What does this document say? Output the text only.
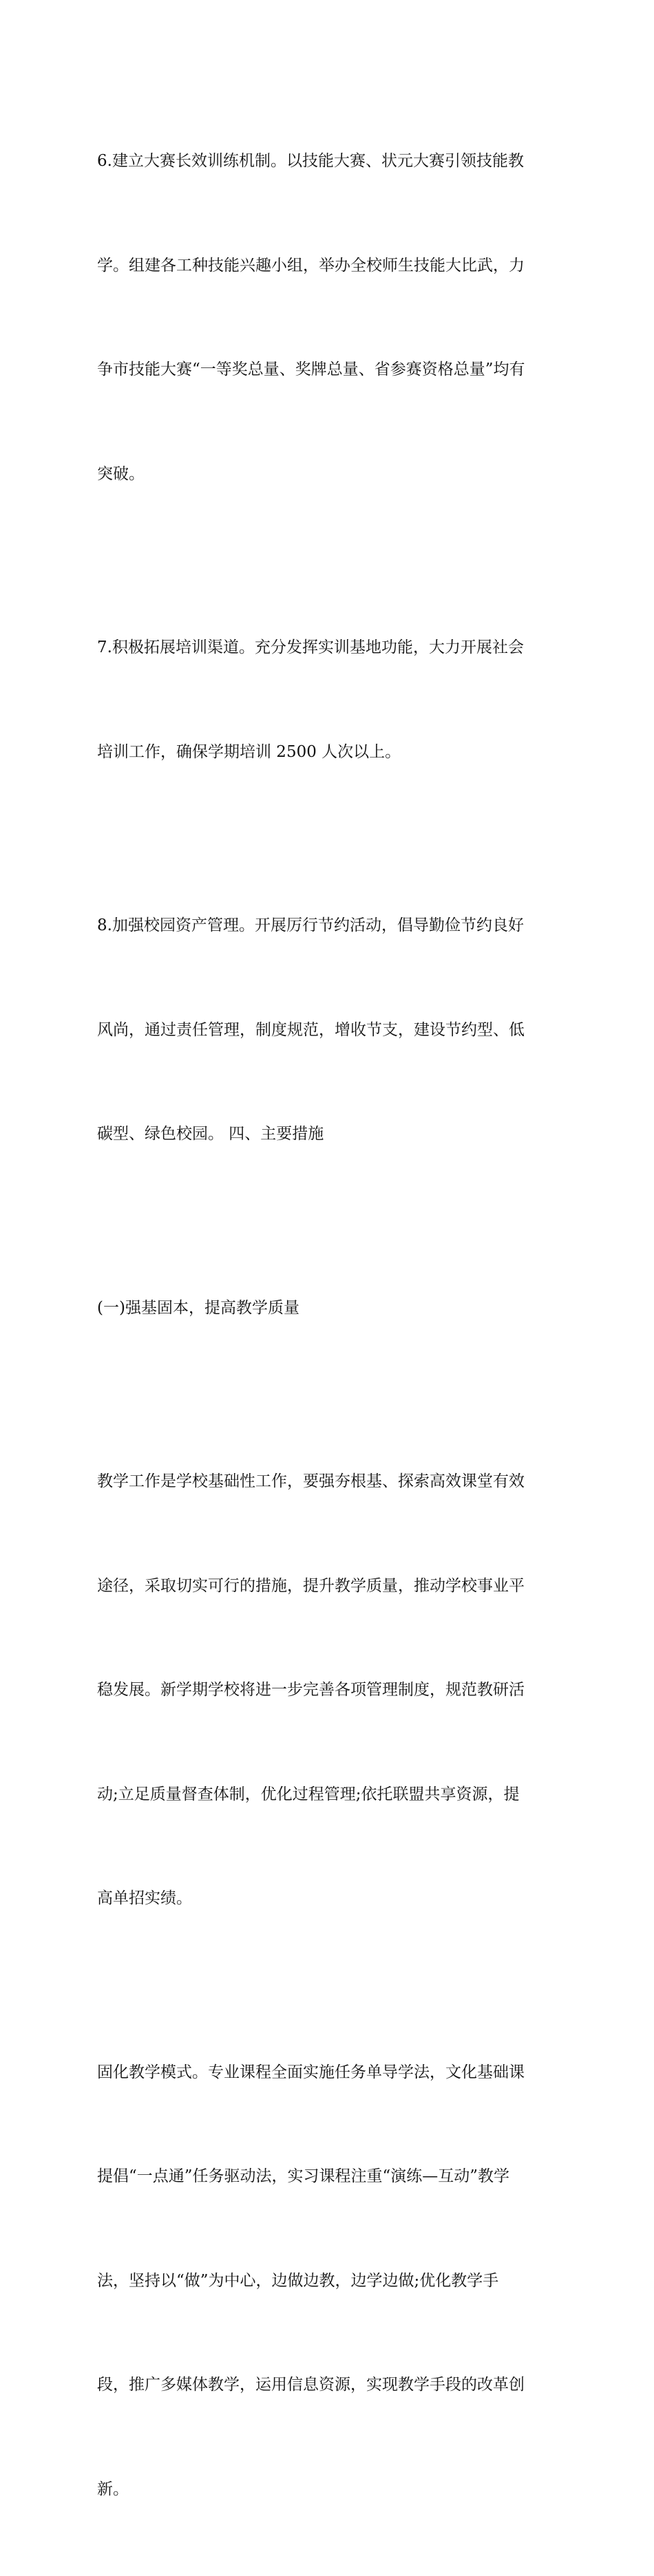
6.建立大赛长效训练机制。以技能大赛、状元大赛引领技能教

学。组建各工种技能兴趣小组，举办全校师生技能大比武，力

争市技能大赛“一等奖总量、奖牌总量、省参赛资格总量”均有

突破。

7.积极拓展培训渠道。充分发挥实训基地功能，大力开展社会

培训工作，确保学期培训 2500 人次以上。

8.加强校园资产管理。开展厉行节约活动，倡导勤俭节约良好

风尚，通过责任管理，制度规范，增收节支，建设节约型、低

碳型、绿色校园。 四、主要措施

(一)强基固本，提高教学质量

教学工作是学校基础性工作，要强夯根基、探索高效课堂有效

途径，采取切实可行的措施，提升教学质量，推动学校事业平

稳发展。新学期学校将进一步完善各项管理制度，规范教研活

动;立足质量督查体制，优化过程管理;依托联盟共享资源，提

高单招实绩。

固化教学模式。专业课程全面实施任务单导学法，文化基础课

提倡“一点通”任务驱动法，实习课程注重“演练—互动”教学

法，坚持以“做”为中心，边做边教，边学边做;优化教学手

段，推广多媒体教学，运用信息资源，实现教学手段的改革创

新。
